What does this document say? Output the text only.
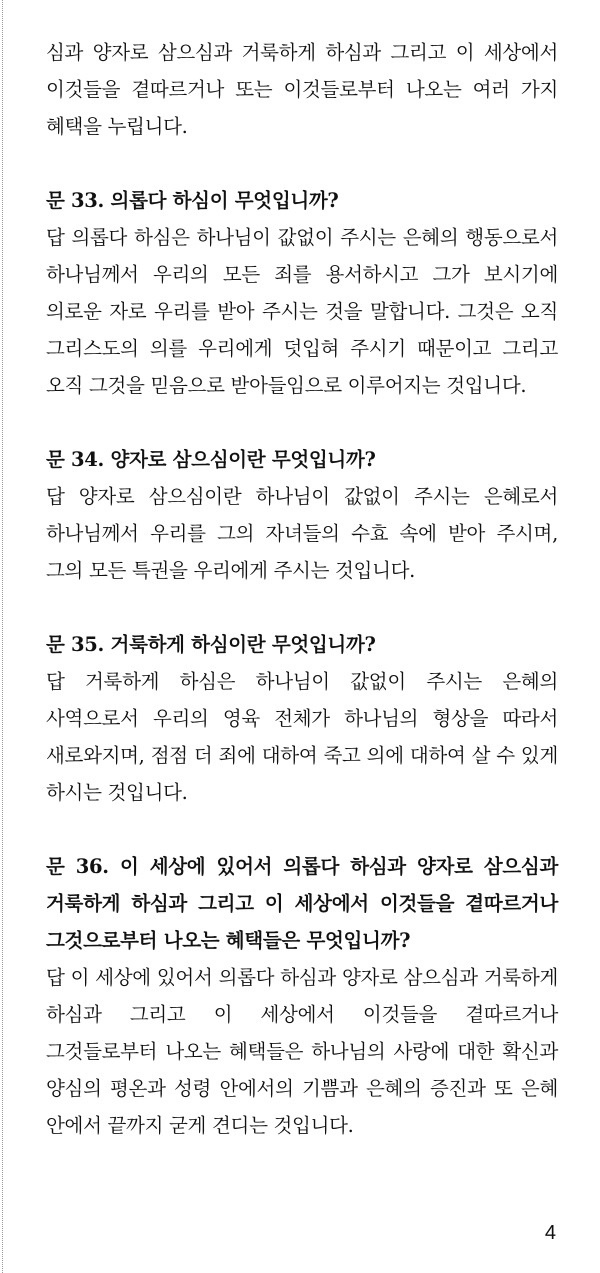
심과 양자로 삼으심과 거룩하게 하심과 그리고 이 세상에서 이것들을 곁따르거나 또는 이것들로부터 나오는 여러 가지 혜택을 누립니다.

문 33. 의롭다 하심이 무엇입니까?

답 의롭다 하심은 하나님이 값없이 주시는 은혜의 행동으로서 하나님께서 우리의 모든 죄를 용서하시고 그가 보시기에 의로운 자로 우리를 받아 주시는 것을 말합니다. 그것은 오직 그리스도의 의를 우리에게 덧입혀 주시기 때문이고 그리고 오직 그것을 믿음으로 받아들임으로 이루어지는 것입니다.

문 34. 양자로 삼으심이란 무엇입니까?

답 양자로 삼으심이란 하나님이 값없이 주시는 은혜로서 하나님께서 우리를 그의 자녀들의 수효 속에 받아 주시며, 그의 모든 특권을 우리에게 주시는 것입니다.

문 35. 거룩하게 하심이란 무엇입니까?

답 거룩하게 하심은 하나님이 값없이 주시는 은혜의 사역으로서 우리의 영육 전체가 하나님의 형상을 따라서 새로와지며, 점점 더 죄에 대하여 죽고 의에 대하여 살 수 있게 하시는 것입니다.

문 36. 이 세상에 있어서 의롭다 하심과 양자로 삼으심과 거룩하게 하심과 그리고 이 세상에서 이것들을 곁따르거나 그것으로부터 나오는 혜택들은 무엇입니까?

답 이 세상에 있어서 의롭다 하심과 양자로 삼으심과 거룩하게 하심과 그리고 이 세상에서 이것들을 곁따르거나 그것들로부터 나오는 혜택들은 하나님의 사랑에 대한 확신과 양심의 평온과 성령 안에서의 기쁨과 은혜의 증진과 또 은혜 안에서 끝까지 굳게 견디는 것입니다.

4
